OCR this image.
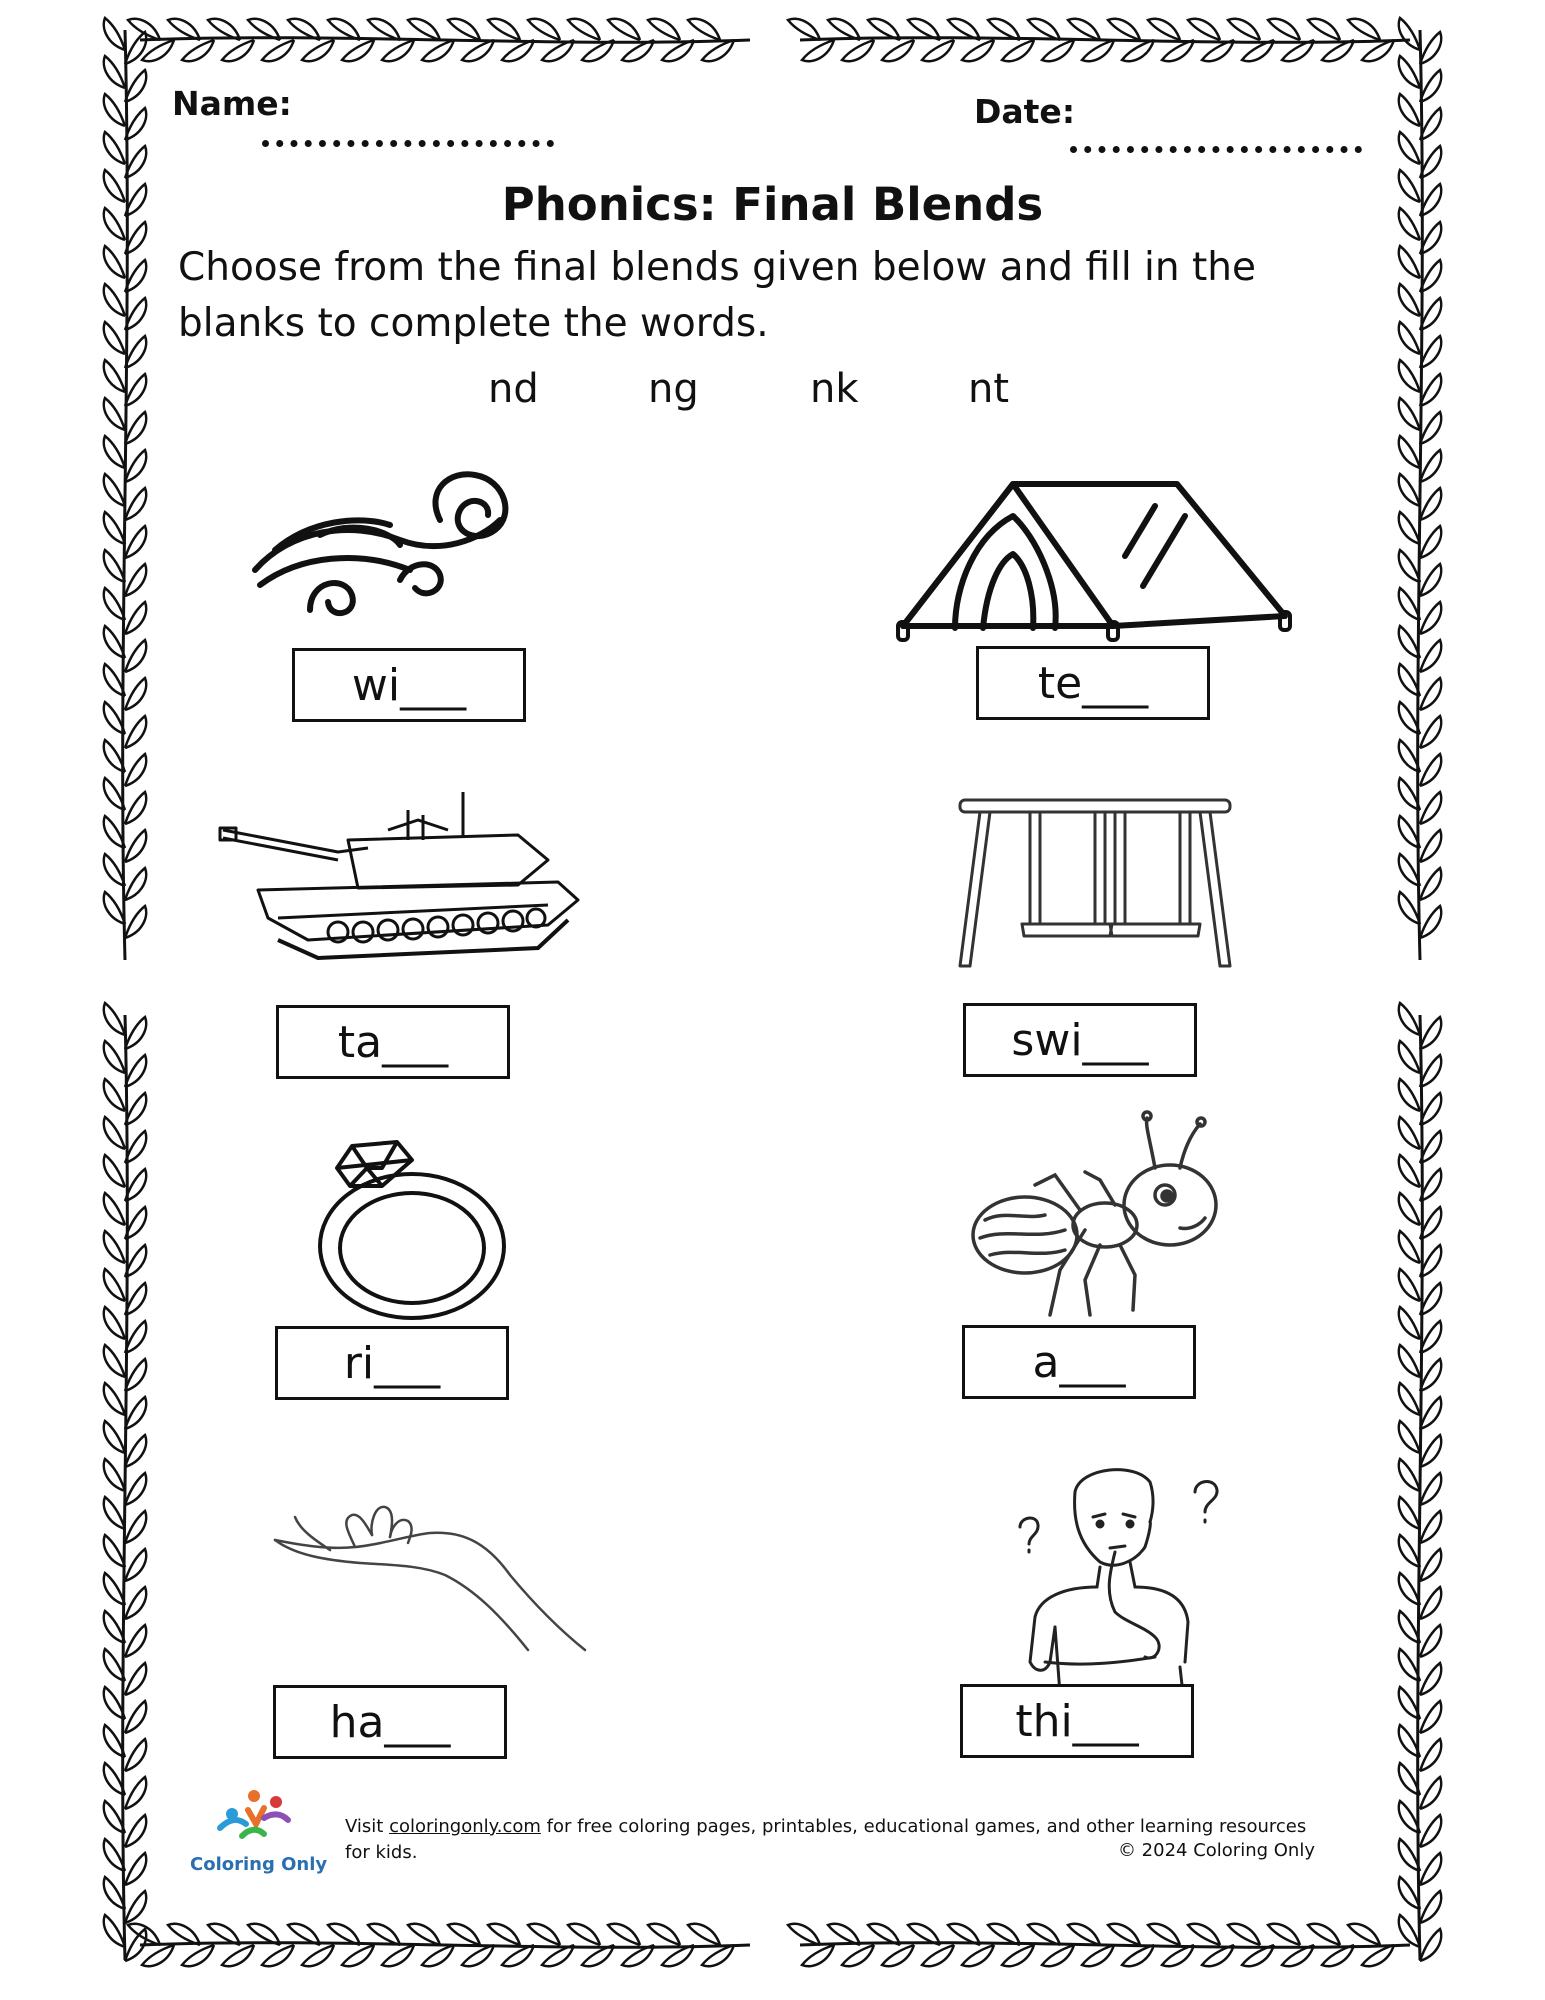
Name:	Date:
Phonics: Final Blends
Choose from the final blends given below and fill in the blanks to complete the words.
nd	ng	nk	nt
wi___	te___
ta___	swi___
ri___	a___
ha___	thi___
Coloring Only
Visit coloringonly.com for free coloring pages, printables, educational games, and other learning resources for kids.	© 2024 Coloring Only
